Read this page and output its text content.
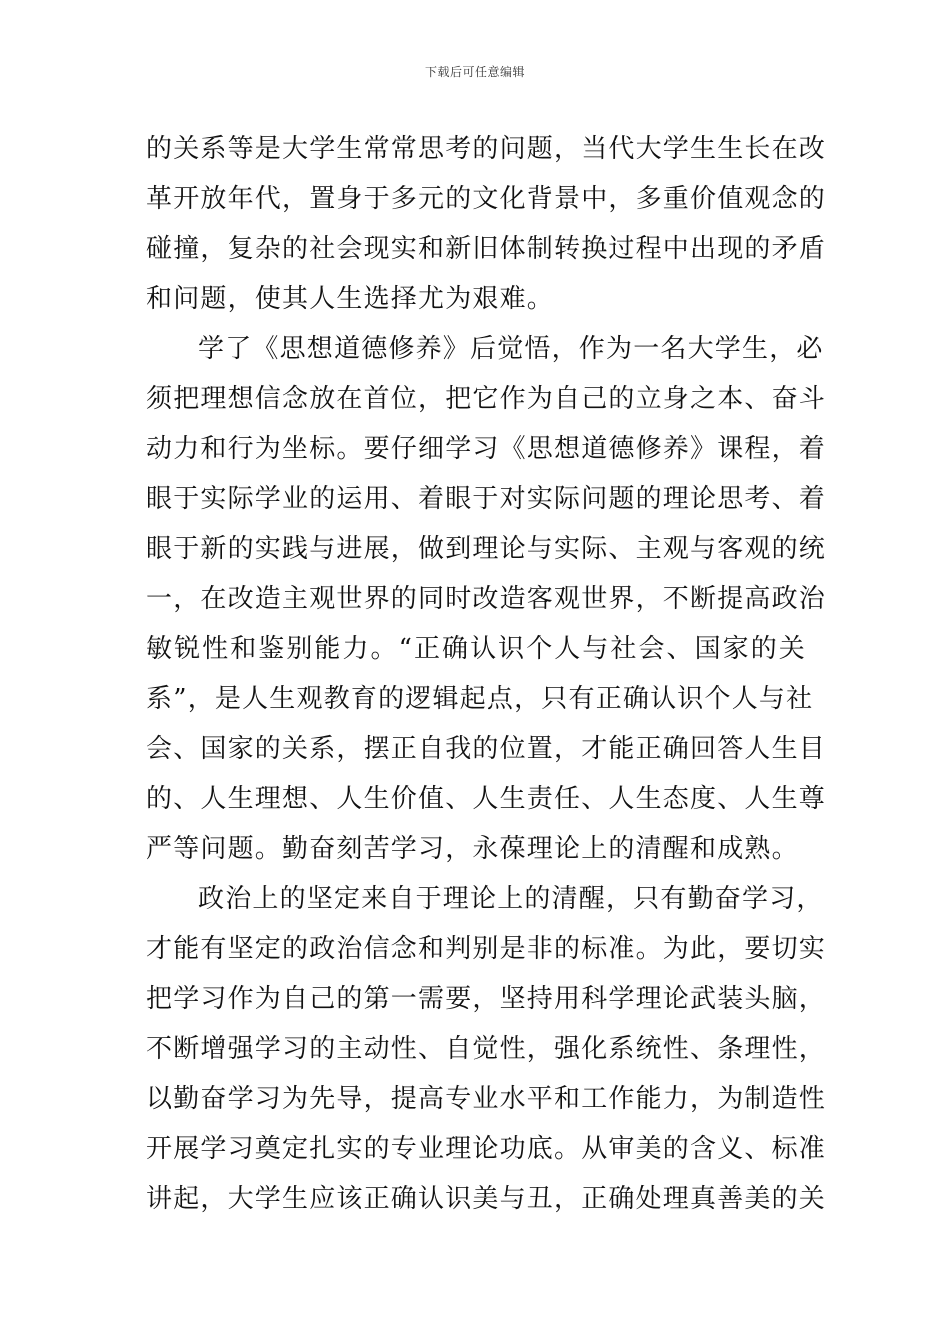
下载后可任意编辑
的关系等是大学生常常思考的问题，当代大学生生长在改
革开放年代，置身于多元的文化背景中，多重价值观念的
碰撞，复杂的社会现实和新旧体制转换过程中出现的矛盾
和问题，使其人生选择尤为艰难。
学了《思想道德修养》后觉悟，作为一名大学生，必
须把理想信念放在首位，把它作为自己的立身之本、奋斗
动力和行为坐标。要仔细学习《思想道德修养》课程，着
眼于实际学业的运用、着眼于对实际问题的理论思考、着
眼于新的实践与进展，做到理论与实际、主观与客观的统
一，在改造主观世界的同时改造客观世界，不断提高政治
敏锐性和鉴别能力。“正确认识个人与社会、国家的关
系”，是人生观教育的逻辑起点，只有正确认识个人与社
会、国家的关系，摆正自我的位置，才能正确回答人生目
的、人生理想、人生价值、人生责任、人生态度、人生尊
严等问题。勤奋刻苦学习，永葆理论上的清醒和成熟。
政治上的坚定来自于理论上的清醒，只有勤奋学习，
才能有坚定的政治信念和判别是非的标准。为此，要切实
把学习作为自己的第一需要，坚持用科学理论武装头脑，
不断增强学习的主动性、自觉性，强化系统性、条理性，
以勤奋学习为先导，提高专业水平和工作能力，为制造性
开展学习奠定扎实的专业理论功底。从审美的含义、标准
讲起，大学生应该正确认识美与丑，正确处理真善美的关
